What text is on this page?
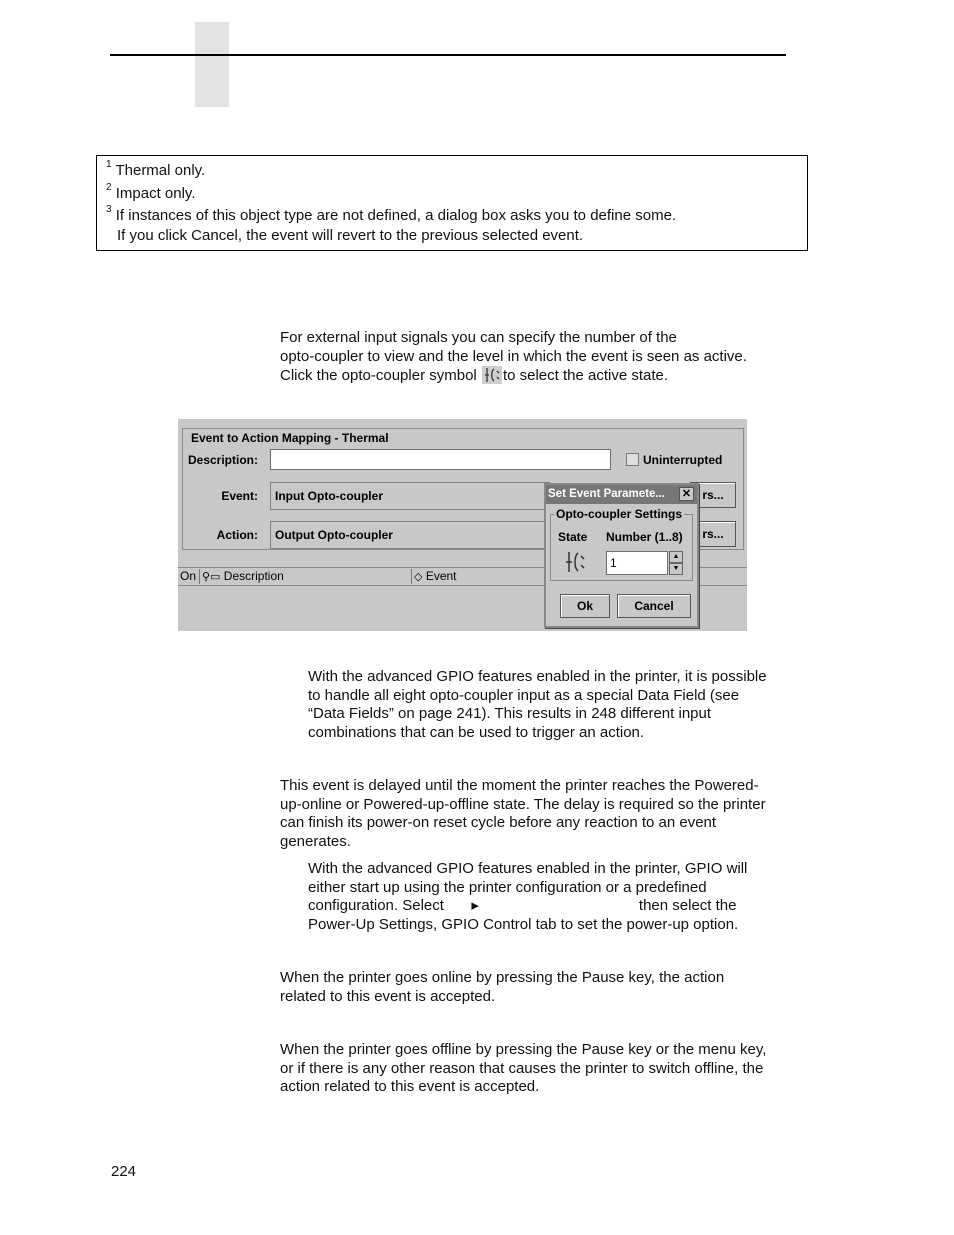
$^1$ Thermal only.
$^2$ Impact only.
$^3$ If instances of this object type are not defined, a dialog box asks you to define some.
If you click Cancel, the event will revert to the previous selected event.
For external input signals you can specify the number of the
opto-coupler to view and the level in which the event is seen as active.
Click the opto-coupler symbol to select the active state.
Event to Action Mapping - Thermal
Description:	Uninterrupted
Event:	Input Opto-coupler	rs...
Action:	Output Opto-coupler	rs...
On ⚲▭ Description	◇ Event
Set Event Paramete... ✕
Opto-coupler Settings
State Number (1..8)
1	▲
▼
Ok	Cancel
With the advanced GPIO features enabled in the printer, it is possible
to handle all eight opto-coupler input as a special Data Field (see
“Data Fields” on page 241). This results in 248 different input
combinations that can be used to trigger an action.
This event is delayed until the moment the printer reaches the Powered-
up-online or Powered-up-offline state. The delay is required so the printer
can finish its power-on reset cycle before any reaction to an event
generates.
With the advanced GPIO features enabled in the printer, GPIO will
either start up using the printer configuration or a predefined
configuration. Select ▸	then select the
Power-Up Settings, GPIO Control tab to set the power-up option.
When the printer goes online by pressing the Pause key, the action
related to this event is accepted.
When the printer goes offline by pressing the Pause key or the menu key,
or if there is any other reason that causes the printer to switch offline, the
action related to this event is accepted.
224
